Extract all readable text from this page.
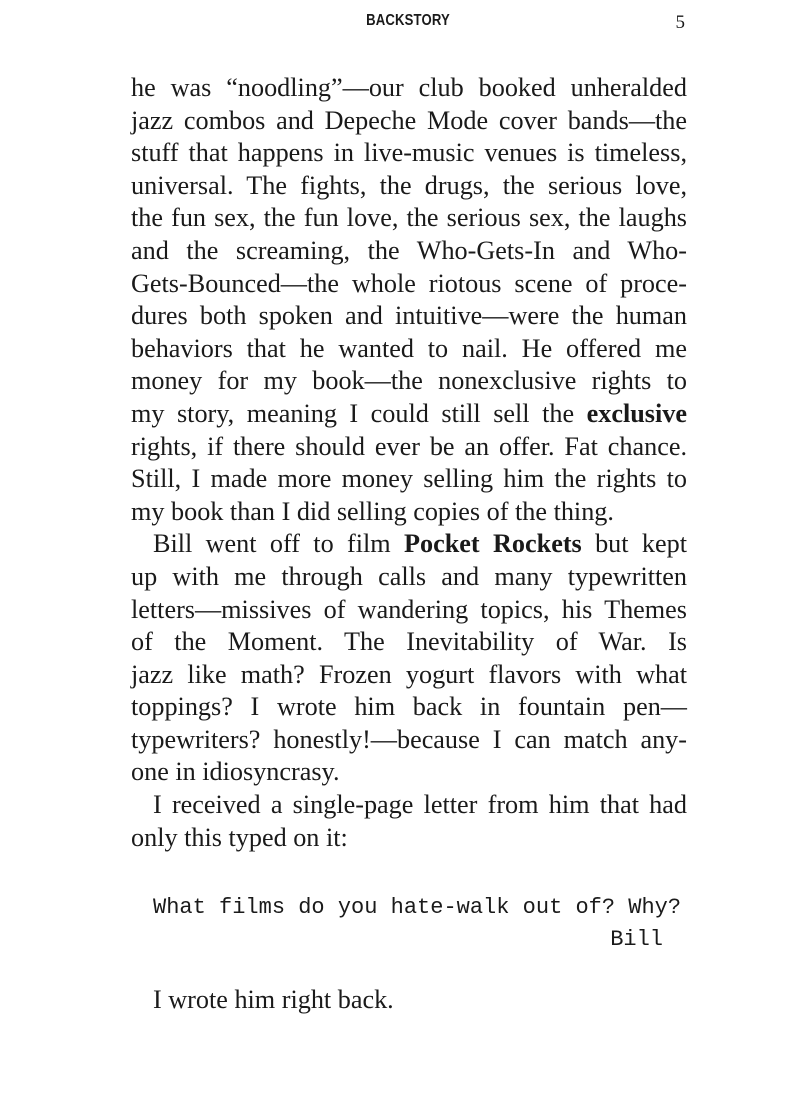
BACKSTORY	5
he was “noodling”—our club booked unheralded
jazz combos and Depeche Mode cover bands—the
stuff that happens in live-music venues is timeless,
universal. The fights, the drugs, the serious love,
the fun sex, the fun love, the serious sex, the laughs
and the screaming, the Who-Gets-In and Who-
Gets-Bounced—the whole riotous scene of proce-
dures both spoken and intuitive—were the human
behaviors that he wanted to nail. He offered me
money for my book—the nonexclusive rights to
my story, meaning I could still sell the exclusive
rights, if there should ever be an offer. Fat chance.
Still, I made more money selling him the rights to
my book than I did selling copies of the thing.
Bill went off to film Pocket Rockets but kept
up with me through calls and many typewritten
letters—missives of wandering topics, his Themes
of the Moment. The Inevitability of War. Is
jazz like math? Frozen yogurt flavors with what
toppings? I wrote him back in fountain pen—
typewriters? honestly!—because I can match any-
one in idiosyncrasy.
I received a single-page letter from him that had
only this typed on it:
What films do you hate-walk out of? Why?
Bill
I wrote him right back.
